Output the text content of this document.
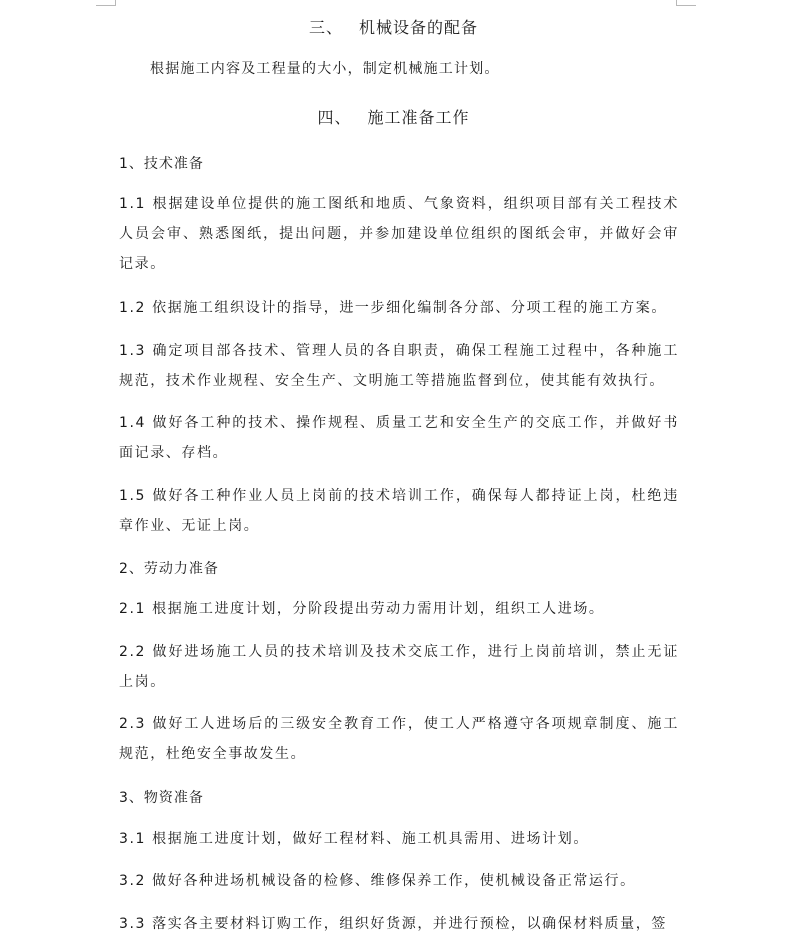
三、 机械设备的配备
根据施工内容及工程量的大小，制定机械施工计划。
四、 施工准备工作
1、技术准备

1.1 根据建设单位提供的施工图纸和地质、气象资料，组织项目部有关工程技术人员会审、熟悉图纸，提出问题，并参加建设单位组织的图纸会审，并做好会审记录。

1.2 依据施工组织设计的指导，进一步细化编制各分部、分项工程的施工方案。

1.3 确定项目部各技术、管理人员的各自职责，确保工程施工过程中，各种施工规范，技术作业规程、安全生产、文明施工等措施监督到位，使其能有效执行。

1.4 做好各工种的技术、操作规程、质量工艺和安全生产的交底工作，并做好书面记录、存档。

1.5 做好各工种作业人员上岗前的技术培训工作，确保每人都持证上岗，杜绝违章作业、无证上岗。

2、劳动力准备

2.1 根据施工进度计划，分阶段提出劳动力需用计划，组织工人进场。

2.2 做好进场施工人员的技术培训及技术交底工作，进行上岗前培训，禁止无证上岗。

2.3 做好工人进场后的三级安全教育工作，使工人严格遵守各项规章制度、施工规范，杜绝安全事故发生。

3、物资准备

3.1 根据施工进度计划，做好工程材料、施工机具需用、进场计划。

3.2 做好各种进场机械设备的检修、维修保养工作，使机械设备正常运行。

3.3 落实各主要材料订购工作，组织好货源，并进行预检，以确保材料质量，签
